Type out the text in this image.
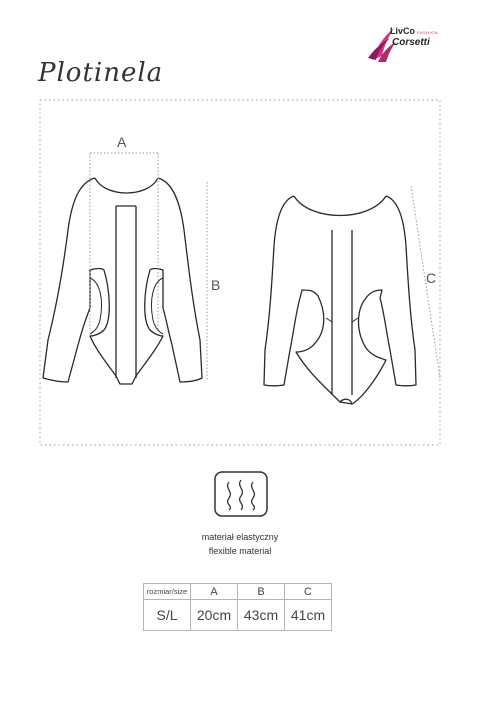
LivCo FASHION
Corsetti
Plotinela
A
B	C
materiał elastyczny
flexible material
rozmiar/size	A	B	C
S/L	20cm	43cm	41cm
